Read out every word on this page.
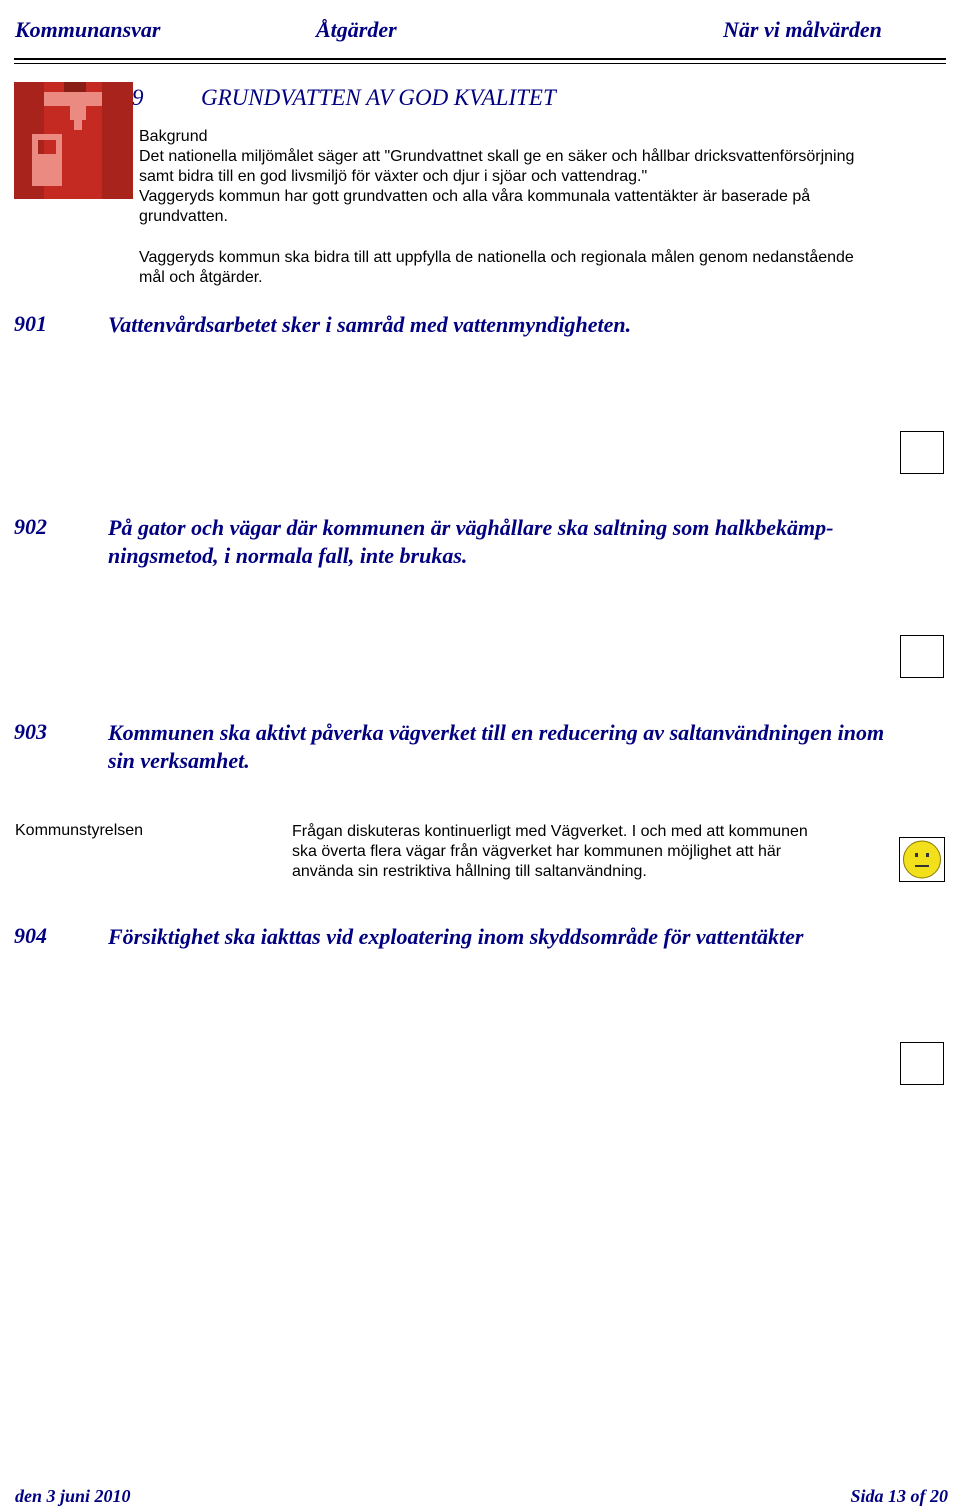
Kommunansvar	Åtgärder	När vi målvärden
9	GRUNDVATTEN AV GOD KVALITET
Bakgrund
Det nationella miljömålet säger att "Grundvattnet skall ge en säker och hållbar dricksvattenförsörjning
samt bidra till en god livsmiljö för växter och djur i sjöar och vattendrag."
Vaggeryds kommun har gott grundvatten och alla våra kommunala vattentäkter är baserade på
grundvatten.
Vaggeryds kommun ska bidra till att uppfylla de nationella och regionala målen genom nedanstående
mål och åtgärder.
901	Vattenvårdsarbetet sker i samråd med vattenmyndigheten.
902	På gator och vägar där kommunen är väghållare ska saltning som halkbekämp-
ningsmetod, i normala fall, inte brukas.
903	Kommunen ska aktivt påverka vägverket till en reducering av saltanvändningen inom
sin verksamhet.
Kommunstyrelsen	Frågan diskuteras kontinuerligt med Vägverket. I och med att kommunen
ska överta flera vägar från vägverket har kommunen möjlighet att här
använda sin restriktiva hållning till saltanvändning.
904	Försiktighet ska iakttas vid exploatering inom skyddsområde för vattentäkter
den 3 juni 2010	Sida 13 of 20
